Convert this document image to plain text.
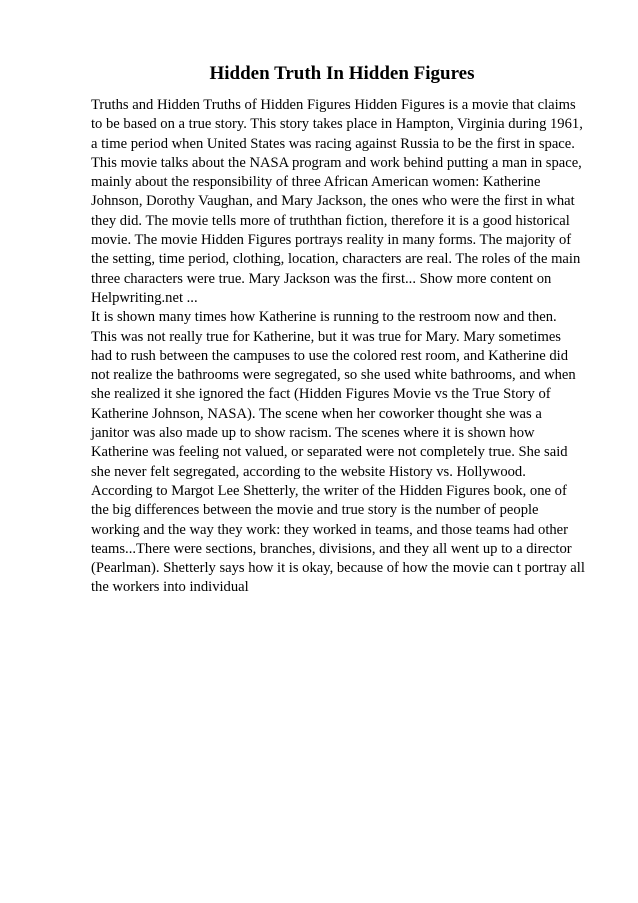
Hidden Truth In Hidden Figures
Truths and Hidden Truths of Hidden Figures Hidden Figures is a movie that claims
to be based on a true story. This story takes place in Hampton, Virginia during 1961,
a time period when United States was racing against Russia to be the first in space.
This movie talks about the NASA program and work behind putting a man in space,
mainly about the responsibility of three African American women: Katherine
Johnson, Dorothy Vaughan, and Mary Jackson, the ones who were the first in what
they did. The movie tells more of truththan fiction, therefore it is a good historical
movie. The movie Hidden Figures portrays reality in many forms. The majority of
the setting, time period, clothing, location, characters are real. The roles of the main
three characters were true. Mary Jackson was the first... Show more content on
Helpwriting.net ...
It is shown many times how Katherine is running to the restroom now and then.
This was not really true for Katherine, but it was true for Mary. Mary sometimes
had to rush between the campuses to use the colored rest room, and Katherine did
not realize the bathrooms were segregated, so she used white bathrooms, and when
she realized it she ignored the fact (Hidden Figures Movie vs the True Story of
Katherine Johnson, NASA). The scene when her coworker thought she was a
janitor was also made up to show racism. The scenes where it is shown how
Katherine was feeling not valued, or separated were not completely true. She said
she never felt segregated, according to the website History vs. Hollywood.
According to Margot Lee Shetterly, the writer of the Hidden Figures book, one of
the big differences between the movie and true story is the number of people
working and the way they work: they worked in teams, and those teams had other
teams...There were sections, branches, divisions, and they all went up to a director
(Pearlman). Shetterly says how it is okay, because of how the movie can t portray all
the workers into individual
